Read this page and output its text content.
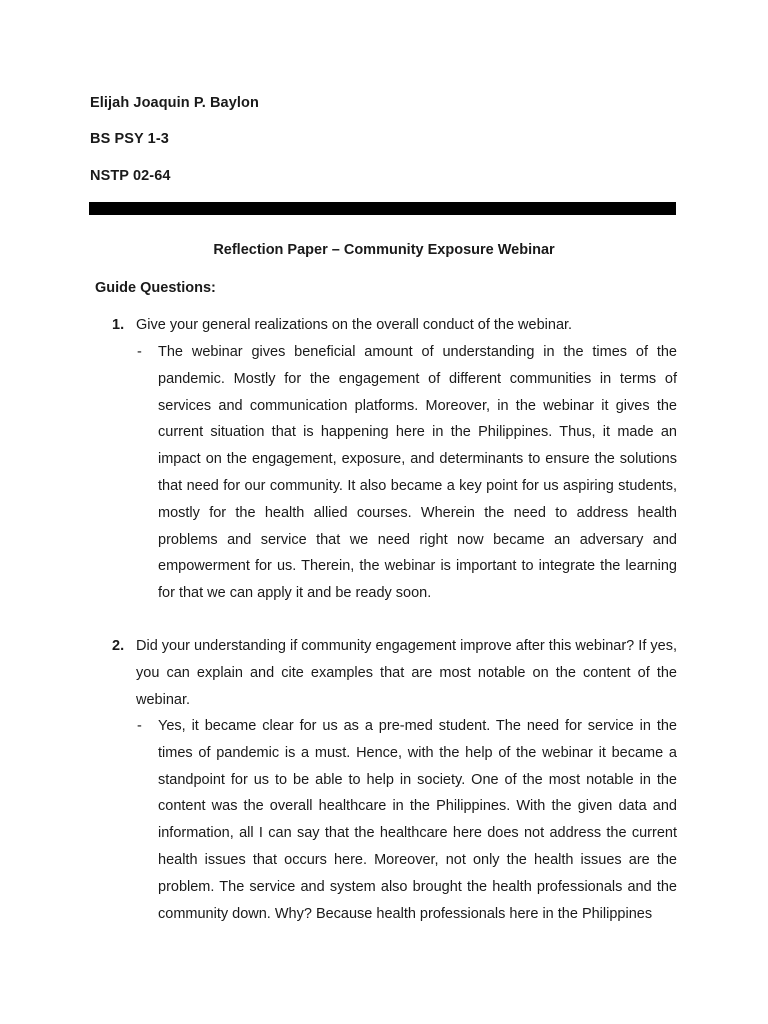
Elijah Joaquin P. Baylon
BS PSY 1-3
NSTP 02-64
Reflection Paper – Community Exposure Webinar
Guide Questions:
1. Give your general realizations on the overall conduct of the webinar.
- The webinar gives beneficial amount of understanding in the times of the pandemic. Mostly for the engagement of different communities in terms of services and communication platforms. Moreover, in the webinar it gives the current situation that is happening here in the Philippines. Thus, it made an impact on the engagement, exposure, and determinants to ensure the solutions that need for our community. It also became a key point for us aspiring students, mostly for the health allied courses. Wherein the need to address health problems and service that we need right now became an adversary and empowerment for us. Therein, the webinar is important to integrate the learning for that we can apply it and be ready soon.
2. Did your understanding if community engagement improve after this webinar? If yes, you can explain and cite examples that are most notable on the content of the webinar.
- Yes, it became clear for us as a pre-med student. The need for service in the times of pandemic is a must. Hence, with the help of the webinar it became a standpoint for us to be able to help in society. One of the most notable in the content was the overall healthcare in the Philippines. With the given data and information, all I can say that the healthcare here does not address the current health issues that occurs here. Moreover, not only the health issues are the problem. The service and system also brought the health professionals and the community down. Why? Because health professionals here in the Philippines
